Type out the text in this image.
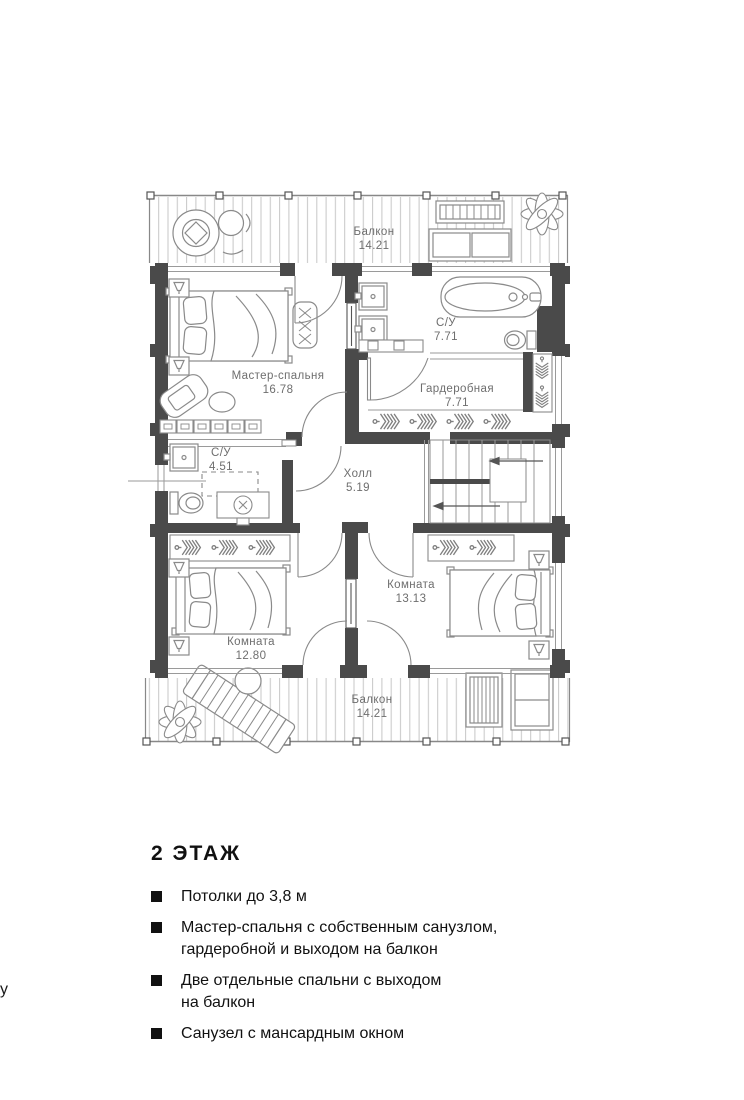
Балкон
14.21
Мастер-спальня
16.78
С/У
7.71
Гардеробная
7.71
С/У
4.51
Холл
5.19
Комната
13.13
Комната
12.80
Балкон
14.21
у
2 ЭТАЖ
Потолки до 3,8 м
Мастер-спальня с собственным санузлом,
гардеробной и выходом на балкон
Две отдельные спальни с выходом
на балкон
Санузел с мансардным окном
